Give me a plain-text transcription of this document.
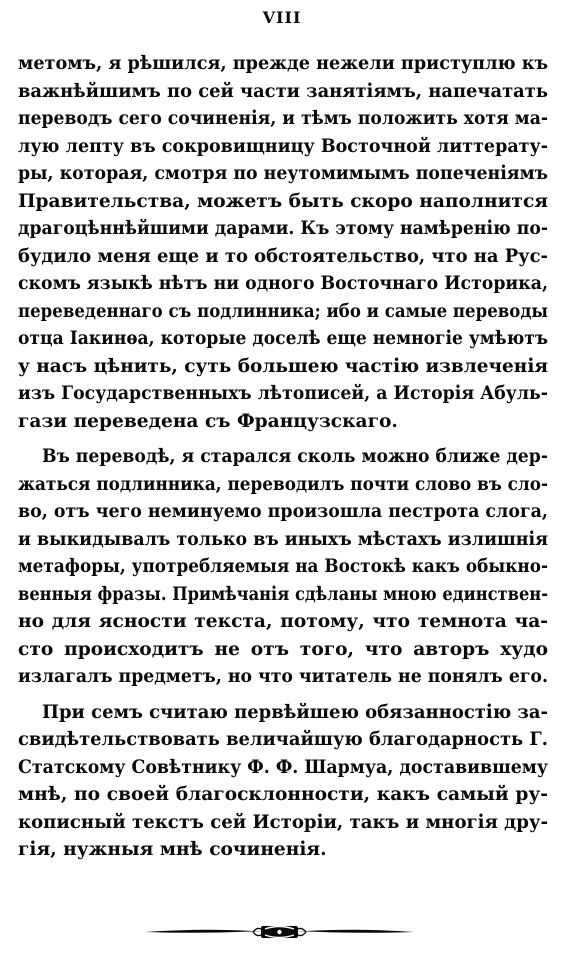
VIII
метомъ, я рѣшился, прежде нежели приступлю къ
важнѣйшимъ по сей части занятіямъ, напечатать
переводъ сего сочиненія, и тѣмъ положить хотя ма-
лую лепту въ сокровищницу Восточной литтерату-
ры, которая, смотря по неутомимымъ попеченіямъ
Правительства, можетъ быть скоро наполнится
драгоцѣннѣйшими дарами. Къ этому намѣренію по-
будило меня еще и то обстоятельство, что на Рус-
скомъ языкѣ нѣтъ ни одного Восточнаго Историка,
переведеннаго съ подлинника; ибо и самые переводы
отца Іакинѳа, которые доселѣ еще немногіе умѣютъ
у насъ цѣнить, суть большею частію извлеченія
изъ Государственныхъ лѣтописей, а Исторія Абуль-
гази переведена съ Французскаго.
Въ переводѣ, я старался сколь можно ближе дер-
жаться подлинника, переводилъ почти слово въ сло-
во, отъ чего неминуемо произошла пестрота слога,
и выкидывалъ только въ иныхъ мѣстахъ излишнія
метафоры, употребляемыя на Востокѣ какъ обыкно-
венныя фразы. Примѣчанія сдѣланы мною единствен-
но для ясности текста, потому, что темнота ча-
сто происходитъ не отъ того, что авторъ худо
излагалъ предметъ, но что читатель не понялъ его.
При семъ считаю первѣйшею обязанностію за-
свидѣтельствовать величайшую благодарность Г.
Статскому Совѣтнику Ф. Ф. Шармуа, доставившему
мнѣ, по своей благосклонности, какъ самый ру-
кописный текстъ сей Исторіи, такъ и многія дру-
гія, нужныя мнѣ сочиненія.
